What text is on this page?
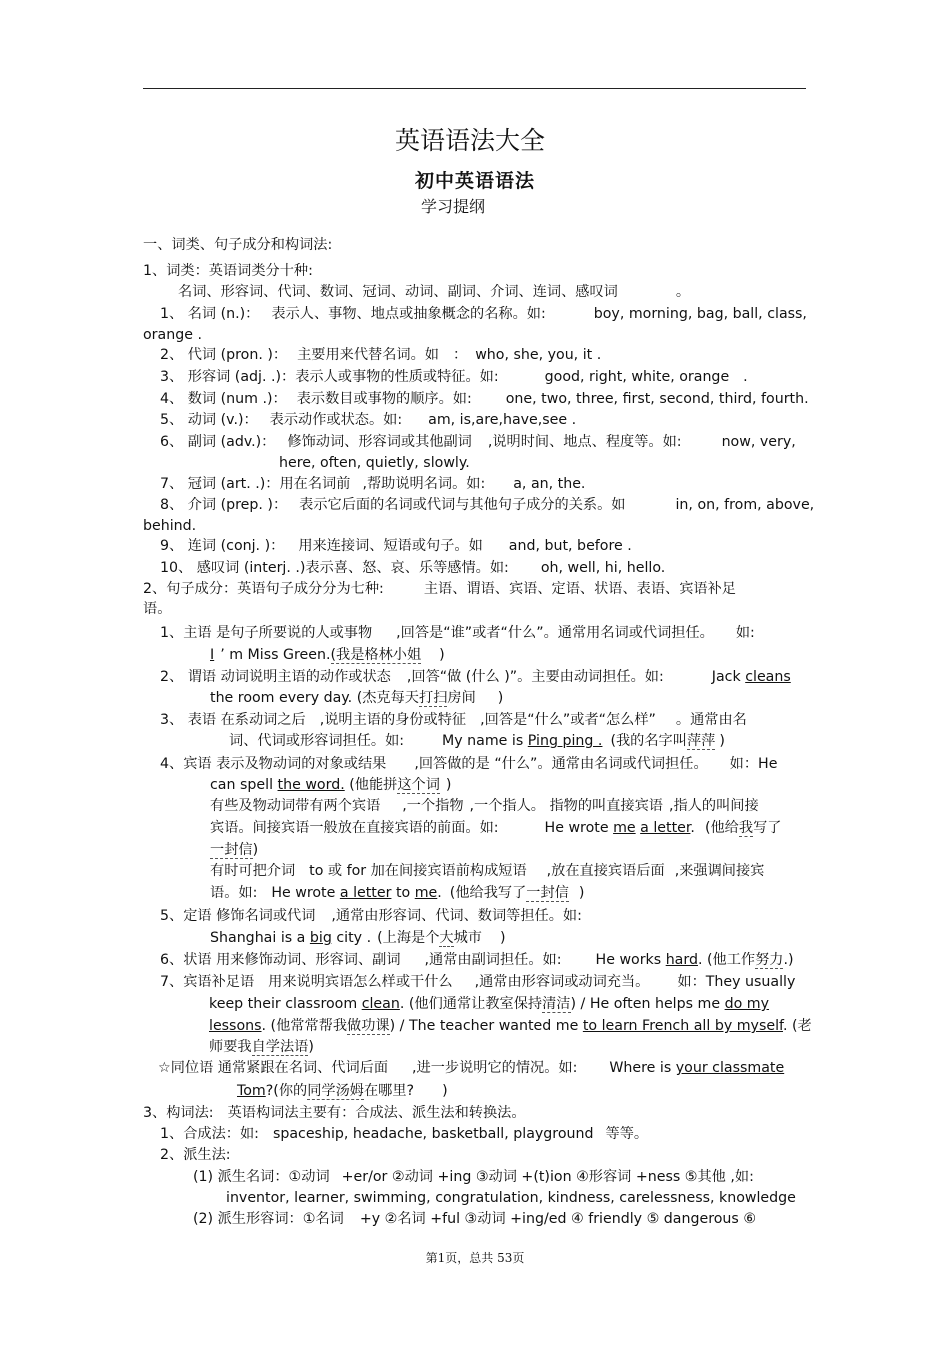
英语语法大全
初中英语语法
学习提纲
一、词类、句子成分和构词法:
1、词类：英语词类分十种:
名词、形容词、代词、数词、冠词、动词、副词、介词、连词、感叹词	。
1、 名词 (n.)： 表示人、事物、地点或抽象概念的名称。如:	boy, morning, bag, ball, class,
orange .
2、 代词 (pron. )： 主要用来代替名词。如 ： who, she, you, it .
3、 形容词 (adj. .)：表示人或事物的性质或特征。如:	good, right, white, orange .
4、 数词 (num .)： 表示数目或事物的顺序。如: one, two, three, first, second, third, fourth.
5、 动词 (v.)： 表示动作或状态。如: am, is,are,have,see .
6、 副词 (adv.)： 修饰动词、形容词或其他副词 ,说明时间、地点、程度等。如:	now, very,
here, often, quietly, slowly.
7、 冠词 (art. .)：用在名词前 ,帮助说明名词。如: a, an, the.
8、 介词 (prep. )： 表示它后面的名词或代词与其他句子成分的关系。如	in, on, from, above,
behind.
9、 连词 (conj. )： 用来连接词、短语或句子。如 and, but, before .
10、 感叹词 (interj. .)表示喜、怒、哀、乐等感情。如: oh, well, hi, hello.
2、句子成分：英语句子成分分为七种:	主语、谓语、宾语、定语、状语、表语、宾语补足
语。
1、主语 是句子所要说的人或事物 ,回答是“谁”或者“什么”。通常用名词或代词担任。 如:
I ’ m Miss Green.(我是格林小姐 )
2、 谓语 动词说明主语的动作或状态 ,回答“做 (什么 )”。主要由动词担任。如:	Jack cleans
the room every day. (杰克每天打扫房间 )
3、 表语 在系动词之后 ,说明主语的身份或特征 ,回答是“什么”或者“怎么样” 。通常由名
词、代词或形容词担任。如:	My name is Ping ping . (我的名字叫萍萍 )
4、宾语 表示及物动词的对象或结果 ,回答做的是 “什么”。通常由名词或代词担任。 如：He
can spell the word. (他能拼这个词 )
有些及物动词带有两个宾语 ,一个指物 ,一个指人。 指物的叫直接宾语 ,指人的叫间接
宾语。间接宾语一般放在直接宾语的前面。如:	He wrote me a letter. (他给我写了
一封信)
有时可把介词 to 或 for 加在间接宾语前构成短语 ,放在直接宾语后面 ,来强调间接宾
语。如: He wrote a letter to me. (他给我写了一封信 )
5、定语 修饰名词或代词 ,通常由形容词、代词、数词等担任。如:
Shanghai is a big city . (上海是个大城市 )
6、状语 用来修饰动词、形容词、副词 ,通常由副词担任。如: He works hard. (他工作努力.)
7、宾语补足语 用来说明宾语怎么样或干什么 ,通常由形容词或动词充当。 如：They usually
keep their classroom clean. (他们通常让教室保持清洁) / He often helps me do my
lessons. (他常常帮我做功课) / The teacher wanted me to learn French all by myself. (老
师要我自学法语)
☆同位语 通常紧跟在名词、代词后面 ,进一步说明它的情况。如: Where is your classmate
Tom?(你的同学汤姆在哪里? )
3、构词法: 英语构词法主要有：合成法、派生法和转换法。
1、合成法：如: spaceship, headache, basketball, playground 等等。
2、派生法:
(1) 派生名词：①动词 +er/or ②动词 +ing ③动词 +(t)ion ④形容词 +ness ⑤其他 ,如:
inventor, learner, swimming, congratulation, kindness, carelessness, knowledge
(2) 派生形容词：①名词 +y ②名词 +ful ③动词 +ing/ed ④ friendly ⑤ dangerous ⑥
第1页，总共 53页
